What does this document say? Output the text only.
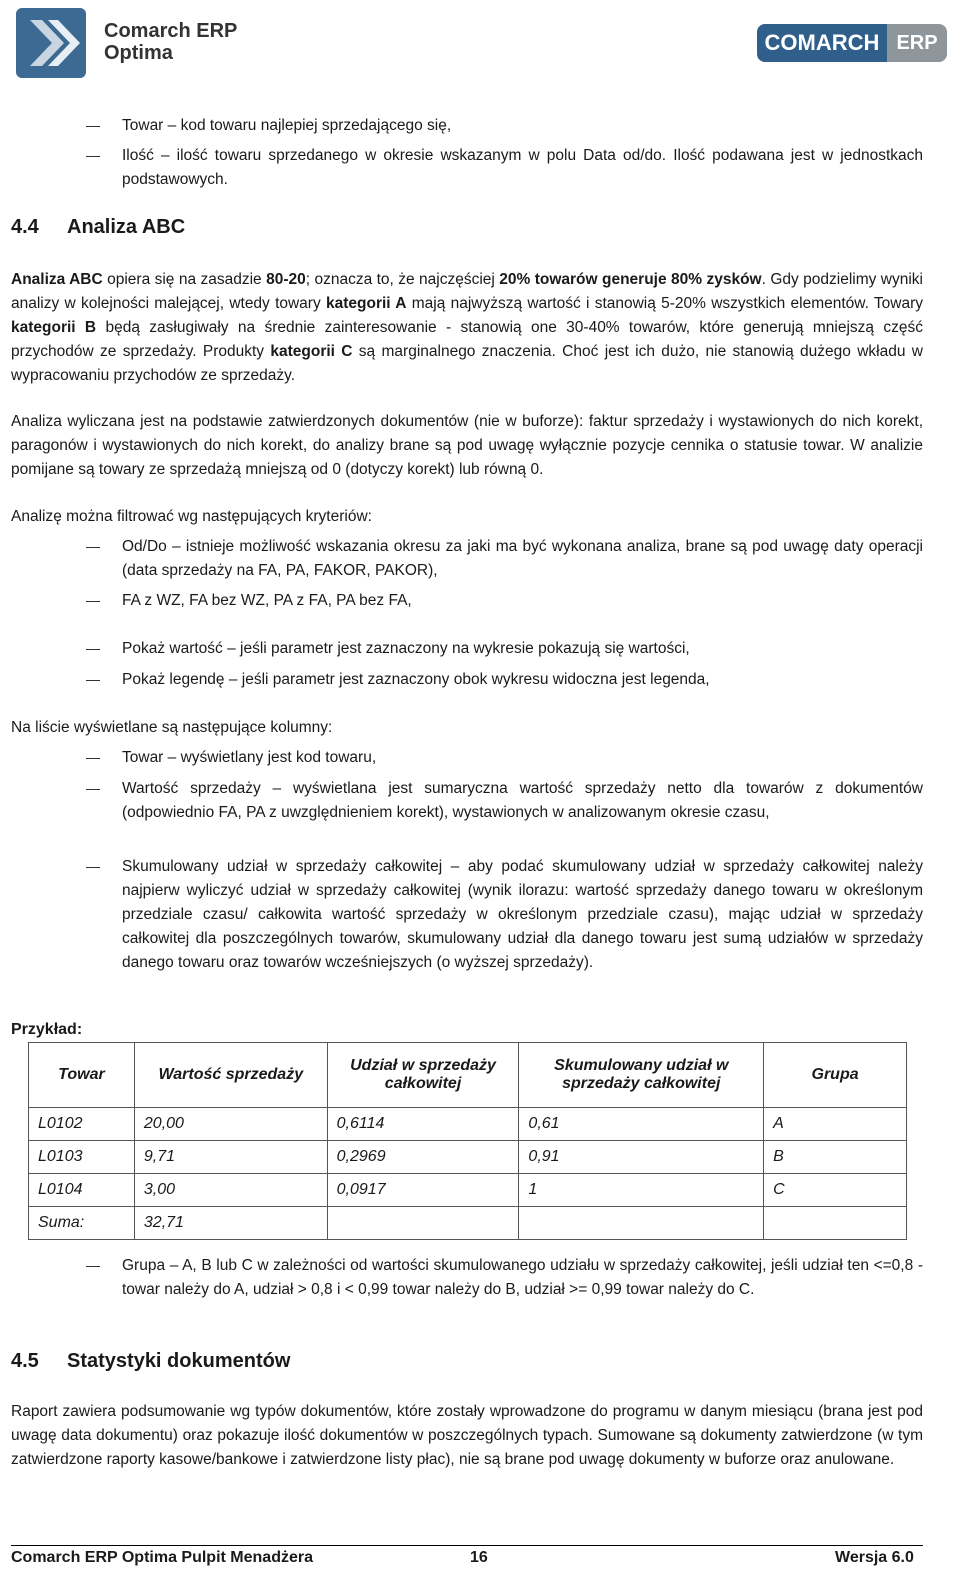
Comarch ERP
Optima	COMARCH ERP
Towar – kod towaru najlepiej sprzedającego się,
Ilość – ilość towaru sprzedanego w okresie wskazanym w polu Data od/do. Ilość podawana jest w jednostkach podstawowych.
4.4 Analiza ABC
Analiza ABC opiera się na zasadzie 80-20; oznacza to, że najczęściej 20% towarów generuje 80% zysków. Gdy podzielimy wyniki analizy w kolejności malejącej, wtedy towary kategorii A mają najwyższą wartość i stanowią 5-20% wszystkich elementów. Towary kategorii B będą zasługiwały na średnie zainteresowanie - stanowią one 30-40% towarów, które generują mniejszą część przychodów ze sprzedaży. Produkty kategorii C są marginalnego znaczenia. Choć jest ich dużo, nie stanowią dużego wkładu w wypracowaniu przychodów ze sprzedaży.
Analiza wyliczana jest na podstawie zatwierdzonych dokumentów (nie w buforze): faktur sprzedaży i wystawionych do nich korekt, paragonów i wystawionych do nich korekt, do analizy brane są pod uwagę wyłącznie pozycje cennika o statusie towar. W analizie pomijane są towary ze sprzedażą mniejszą od 0 (dotyczy korekt) lub równą 0.
Analizę można filtrować wg następujących kryteriów:
Od/Do – istnieje możliwość wskazania okresu za jaki ma być wykonana analiza, brane są pod uwagę daty operacji (data sprzedaży na FA, PA, FAKOR, PAKOR),
FA z WZ, FA bez WZ, PA z FA, PA bez FA,
Pokaż wartość – jeśli parametr jest zaznaczony na wykresie pokazują się wartości,
Pokaż legendę – jeśli parametr jest zaznaczony obok wykresu widoczna jest legenda,
Na liście wyświetlane są następujące kolumny:
Towar – wyświetlany jest kod towaru,
Wartość sprzedaży – wyświetlana jest sumaryczna wartość sprzedaży netto dla towarów z dokumentów (odpowiednio FA, PA z uwzględnieniem korekt), wystawionych w analizowanym okresie czasu,
Skumulowany udział w sprzedaży całkowitej – aby podać skumulowany udział w sprzedaży całkowitej należy najpierw wyliczyć udział w sprzedaży całkowitej (wynik ilorazu: wartość sprzedaży danego towaru w określonym przedziale czasu/ całkowita wartość sprzedaży w określonym przedziale czasu), mając udział w sprzedaży całkowitej dla poszczególnych towarów, skumulowany udział dla danego towaru jest sumą udziałów w sprzedaży danego towaru oraz towarów wcześniejszych (o wyższej sprzedaży).
Przykład:
Towar	Wartość sprzedaży	Udział w sprzedaży całkowitej	Skumulowany udział w sprzedaży całkowitej	Grupa
L0102	20,00	0,6114	0,61	A
L0103	9,71	0,2969	0,91	B
L0104	3,00	0,0917	1	C
Suma:	32,71			
Grupa – A, B lub C w zależności od wartości skumulowanego udziału w sprzedaży całkowitej, jeśli udział ten <=0,8 - towar należy do A, udział > 0,8 i < 0,99 towar należy do B, udział >= 0,99 towar należy do C.
4.5 Statystyki dokumentów
Raport zawiera podsumowanie wg typów dokumentów, które zostały wprowadzone do programu w danym miesiącu (brana jest pod uwagę data dokumentu) oraz pokazuje ilość dokumentów w poszczególnych typach. Sumowane są dokumenty zatwierdzone (w tym zatwierdzone raporty kasowe/bankowe i zatwierdzone listy płac), nie są brane pod uwagę dokumenty w buforze oraz anulowane.
Comarch ERP Optima Pulpit Menadżera	16	Wersja 6.0
